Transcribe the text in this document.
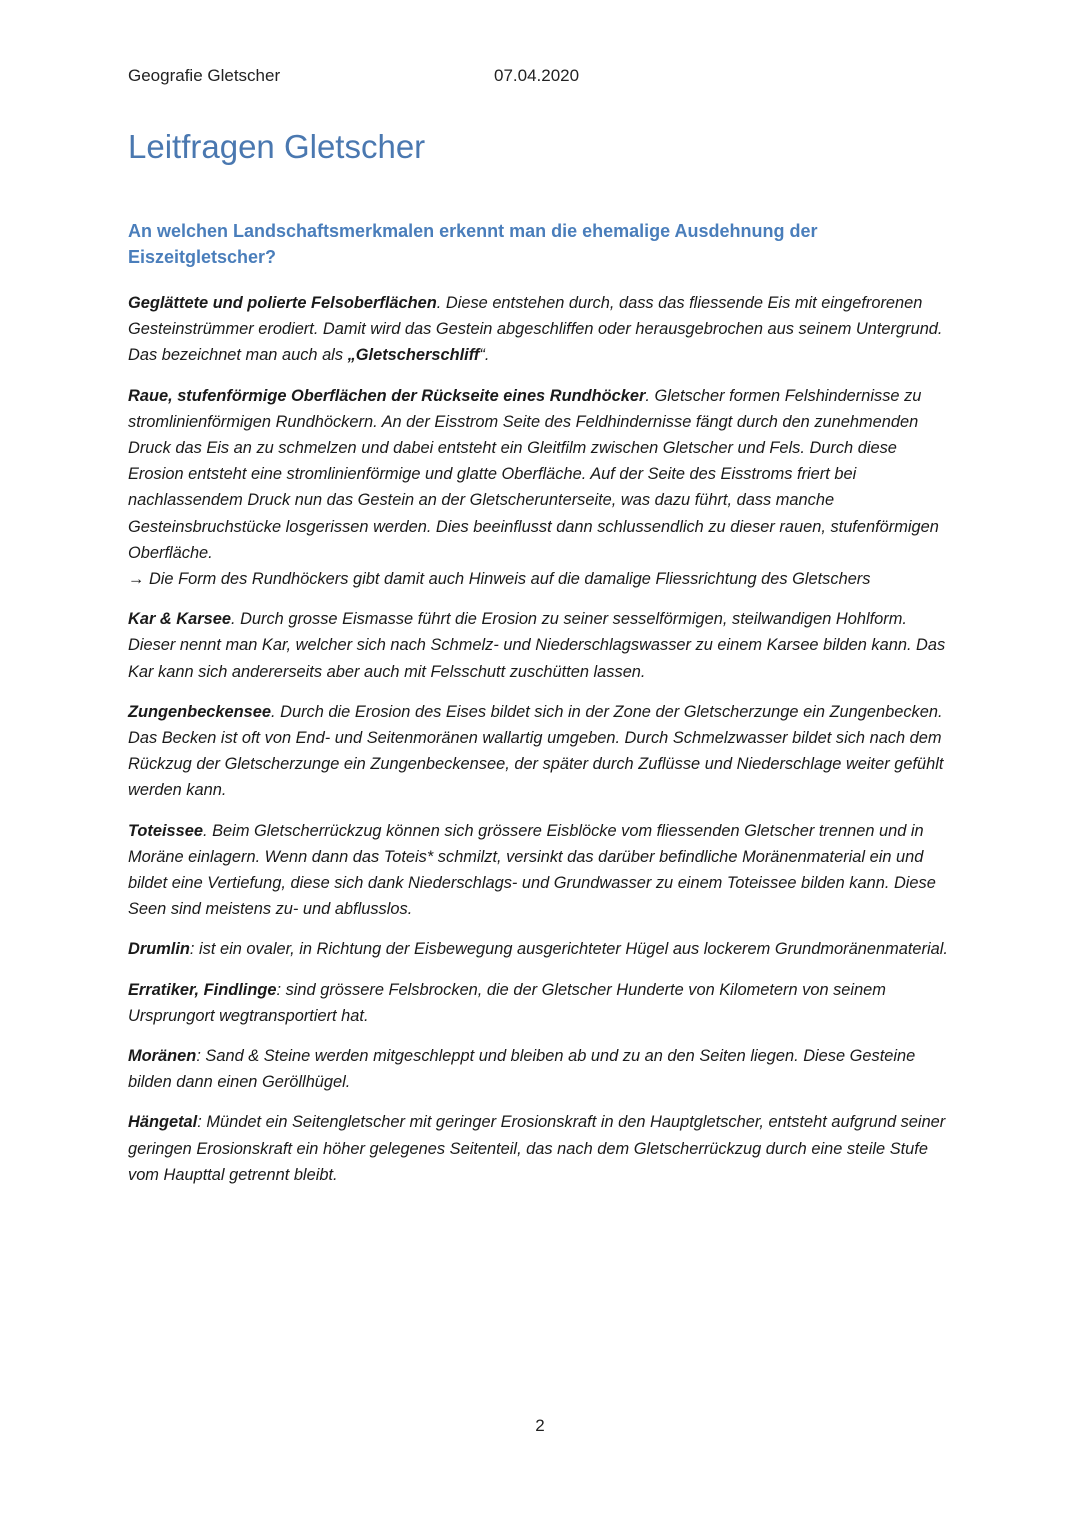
Geografie Gletscher	07.04.2020
Leitfragen Gletscher
An welchen Landschaftsmerkmalen erkennt man die ehemalige Ausdehnung der Eiszeitgletscher?

Geglättete und polierte Felsoberflächen. Diese entstehen durch, dass das fliessende Eis mit eingefrorenen Gesteinstrümmer erodiert. Damit wird das Gestein abgeschliffen oder herausgebrochen aus seinem Untergrund. Das bezeichnet man auch als „Gletscherschliff“.

Raue, stufenförmige Oberflächen der Rückseite eines Rundhöcker. Gletscher formen Felshindernisse zu stromlinienförmigen Rundhöckern. An der Eisstrom Seite des Feldhindernisse fängt durch den zunehmenden Druck das Eis an zu schmelzen und dabei entsteht ein Gleitfilm zwischen Gletscher und Fels. Durch diese Erosion entsteht eine stromlinienförmige und glatte Oberfläche. Auf der Seite des Eisstroms friert bei nachlassendem Druck nun das Gestein an der Gletscherunterseite, was dazu führt, dass manche Gesteinsbruchstücke losgerissen werden. Dies beeinflusst dann schlussendlich zu dieser rauen, stufenförmigen Oberfläche.
→ Die Form des Rundhöckers gibt damit auch Hinweis auf die damalige Fliessrichtung des Gletschers

Kar & Karsee. Durch grosse Eismasse führt die Erosion zu seiner sesselförmigen, steilwandigen Hohlform. Dieser nennt man Kar, welcher sich nach Schmelz- und Niederschlagswasser zu einem Karsee bilden kann. Das Kar kann sich andererseits aber auch mit Felsschutt zuschütten lassen.

Zungenbeckensee. Durch die Erosion des Eises bildet sich in der Zone der Gletscherzunge ein Zungenbecken. Das Becken ist oft von End- und Seitenmoränen wallartig umgeben. Durch Schmelzwasser bildet sich nach dem Rückzug der Gletscherzunge ein Zungenbeckensee, der später durch Zuflüsse und Niederschlage weiter gefühlt werden kann.

Toteissee. Beim Gletscherrückzug können sich grössere Eisblöcke vom fliessenden Gletscher trennen und in Moräne einlagern. Wenn dann das Toteis* schmilzt, versinkt das darüber befindliche Moränenmaterial ein und bildet eine Vertiefung, diese sich dank Niederschlags- und Grundwasser zu einem Toteissee bilden kann. Diese Seen sind meistens zu- und abflusslos.

Drumlin: ist ein ovaler, in Richtung der Eisbewegung ausgerichteter Hügel aus lockerem Grundmoränenmaterial.

Erratiker, Findlinge: sind grössere Felsbrocken, die der Gletscher Hunderte von Kilometern von seinem Ursprungort wegtransportiert hat.

Moränen: Sand & Steine werden mitgeschleppt und bleiben ab und zu an den Seiten liegen. Diese Gesteine bilden dann einen Geröllhügel.

Hängetal: Mündet ein Seitengletscher mit geringer Erosionskraft in den Hauptgletscher, entsteht aufgrund seiner geringen Erosionskraft ein höher gelegenes Seitenteil, das nach dem Gletscherrückzug durch eine steile Stufe vom Haupttal getrennt bleibt.

2
